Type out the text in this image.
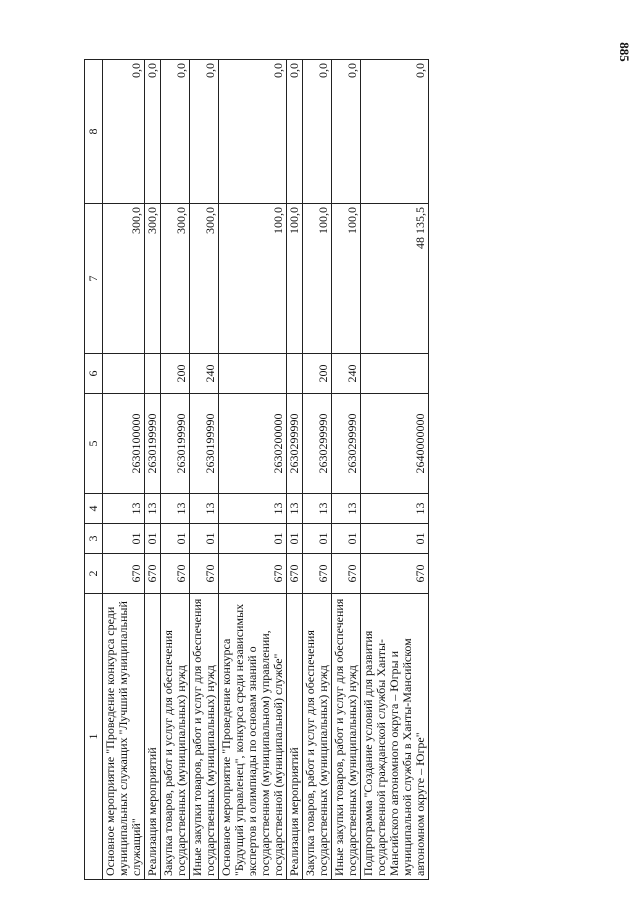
885
1	2	3	4	5	6	7	8
Основное мероприятие "Проведение конкурса среди муниципальных служащих "Лучший муниципальный служащий"	670	01	13	2630100000		300,0	0,0
Реализация мероприятий	670	01	13	2630199990		300,0	0,0
Закупка товаров, работ и услуг для обеспечения государственных (муниципальных) нужд	670	01	13	2630199990	200	300,0	0,0
Иные закупки товаров, работ и услуг для обеспечения государственных (муниципальных) нужд	670	01	13	2630199990	240	300,0	0,0
Основное мероприятие "Проведение конкурса "Будущий управленец", конкурса среди независимых экспертов и олимпиады по основам знаний о государственном (муниципальном) управлении, государственной (муниципальной) службе"	670	01	13	2630200000		100,0	0,0
Реализация мероприятий	670	01	13	2630299990		100,0	0,0
Закупка товаров, работ и услуг для обеспечения государственных (муниципальных) нужд	670	01	13	2630299990	200	100,0	0,0
Иные закупки товаров, работ и услуг для обеспечения государственных (муниципальных) нужд	670	01	13	2630299990	240	100,0	0,0
Подпрограмма "Создание условий для развития государственной гражданской службы Ханты-Мансийского автономного округа – Югры и муниципальной службы в Ханты-Мансийском автономном округе – Югре"	670	01	13	2640000000		48 135,5	0,0
